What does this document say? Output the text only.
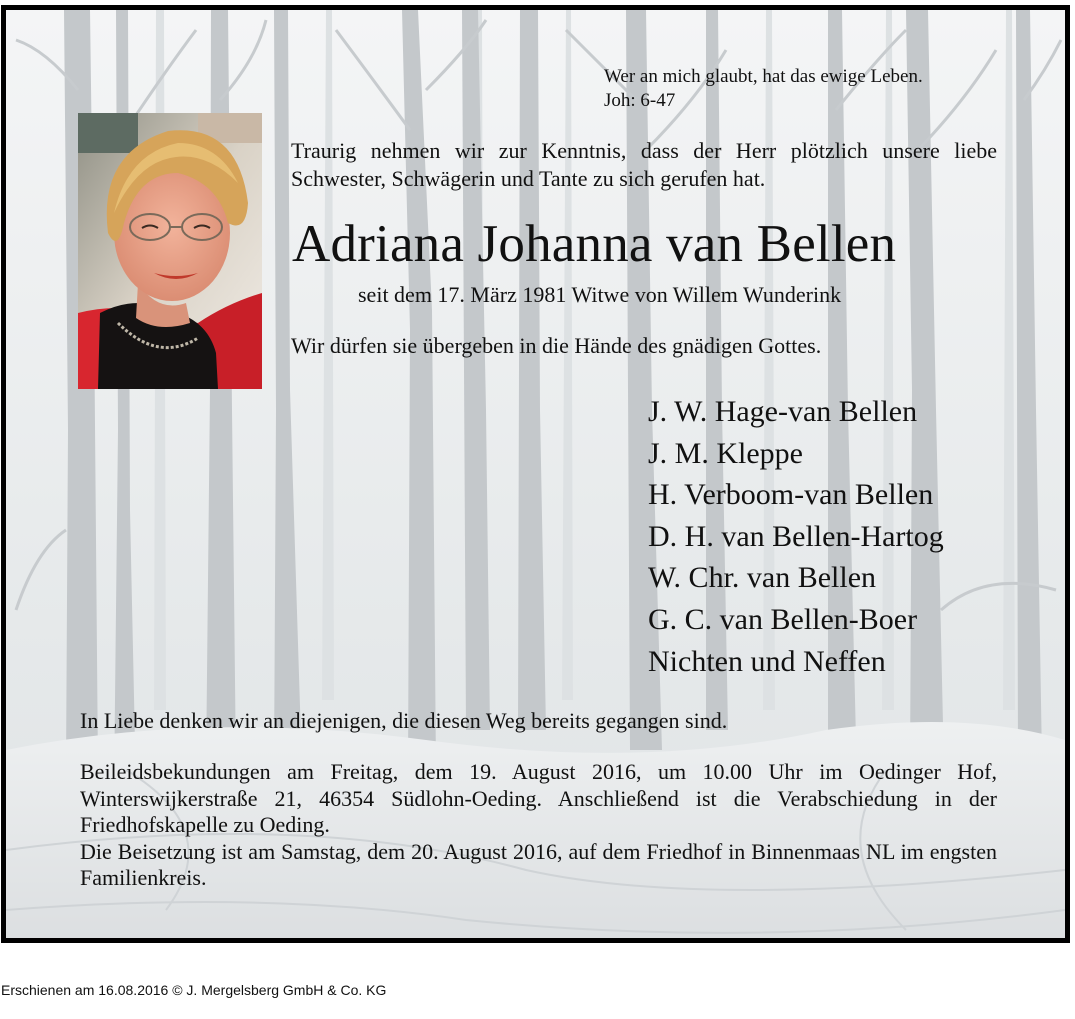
Wer an mich glaubt, hat das ewige Leben.
Joh: 6-47
Traurig nehmen wir zur Kenntnis, dass der Herr plötzlich unsere liebe Schwester, Schwägerin und Tante zu sich gerufen hat.
Adriana Johanna van Bellen
seit dem 17. März 1981 Witwe von Willem Wunderink
Wir dürfen sie übergeben in die Hände des gnädigen Gottes.
J. W. Hage-van Bellen
J. M. Kleppe
H. Verboom-van Bellen
D. H. van Bellen-Hartog
W. Chr. van Bellen
G. C. van Bellen-Boer
Nichten und Neffen
In Liebe denken wir an diejenigen, die diesen Weg bereits gegangen sind.

Beileidsbekundungen am Freitag, dem 19. August 2016, um 10.00 Uhr im Oedinger Hof, Winterswijkerstraße 21, 46354 Südlohn-Oeding. Anschließend ist die Verabschiedung in der Friedhofskapelle zu Oeding.

Die Beisetzung ist am Samstag, dem 20. August 2016, auf dem Friedhof in Binnenmaas NL im engsten Familienkreis.

Erschienen am 16.08.2016 © J. Mergelsberg GmbH & Co. KG
